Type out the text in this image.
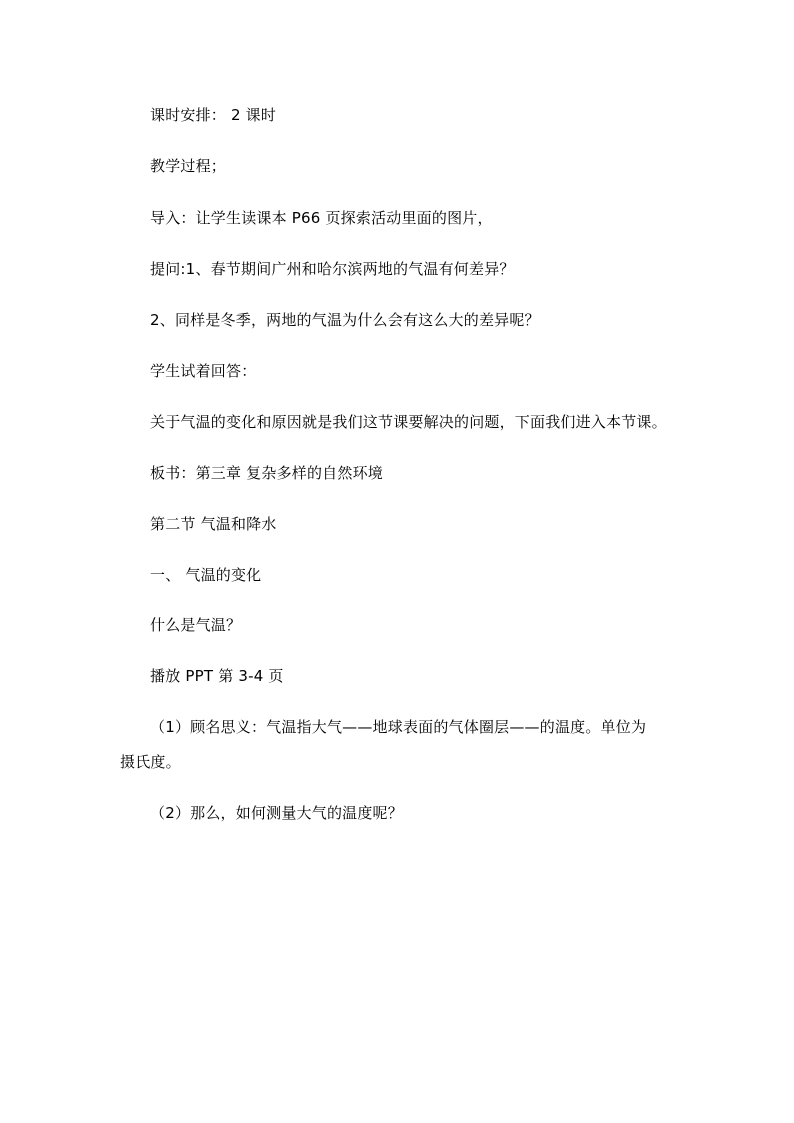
课时安排： 2 课时
教学过程；
导入：让学生读课本 P66 页探索活动里面的图片，
提问:1、春节期间广州和哈尔滨两地的气温有何差异？
2、同样是冬季，两地的气温为什么会有这么大的差异呢？
学生试着回答：
关于气温的变化和原因就是我们这节课要解决的问题，下面我们进入本节课。
板书：第三章 复杂多样的自然环境
第二节 气温和降水
一、 气温的变化
什么是气温？
播放 PPT 第 3-4 页
（1）顾名思义：气温指大气——地球表面的气体圈层——的温度。单位为
摄氏度。
（2）那么，如何测量大气的温度呢？
